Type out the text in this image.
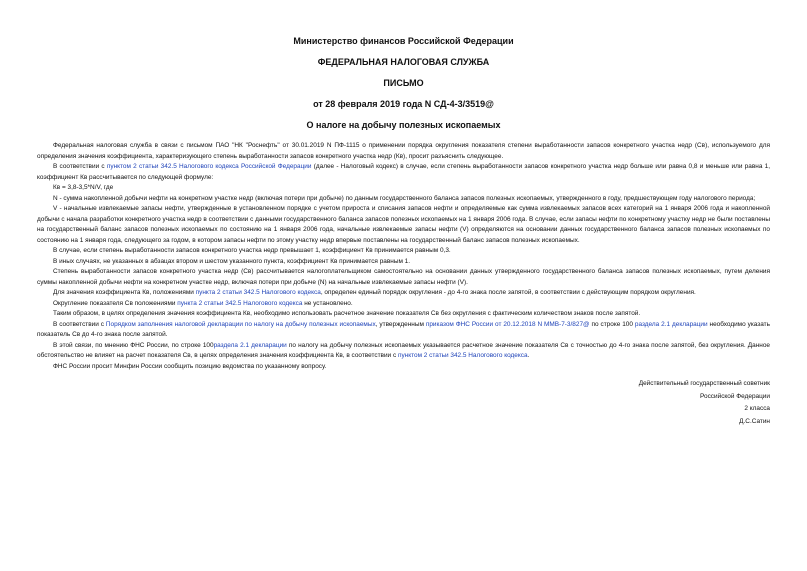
Министерство финансов Российской Федерации
ФЕДЕРАЛЬНАЯ НАЛОГОВАЯ СЛУЖБА
ПИСЬМО
от 28 февраля 2019 года N СД-4-3/3519@
О налоге на добычу полезных ископаемых

Федеральная налоговая служба в связи с письмом ПАО "НК "Роснефть" от 30.01.2019 N ПФ-1115 о применении порядка округления показателя степени выработанности запасов конкретного участка недр (Св), используемого для определения значения коэффициента, характеризующего степень выработанности запасов конкретного участка недр (Кв), просит разъяснить следующее.

В соответствии с пунктом 2 статьи 342.5 Налогового кодекса Российской Федерации (далее - Налоговый кодекс) в случае, если степень выработанности запасов конкретного участка недр больше или равна 0,8 и меньше или равна 1, коэффициент Кв рассчитывается по следующей формуле:

Кв = 3,8-3,5*N/V, где

N - сумма накопленной добычи нефти на конкретном участке недр (включая потери при добыче) по данным государственного баланса запасов полезных ископаемых, утвержденного в году, предшествующем году налогового периода;

V - начальные извлекаемые запасы нефти, утвержденные в установленном порядке с учетом прироста и списания запасов нефти и определяемые как сумма извлекаемых запасов всех категорий на 1 января 2006 года и накопленной добычи с начала разработки конкретного участка недр в соответствии с данными государственного баланса запасов полезных ископаемых на 1 января 2006 года. В случае, если запасы нефти по конкретному участку недр не были поставлены на государственный баланс запасов полезных ископаемых по состоянию на 1 января 2006 года, начальные извлекаемые запасы нефти (V) определяются на основании данных государственного баланса запасов полезных ископаемых по состоянию на 1 января года, следующего за годом, в котором запасы нефти по этому участку недр впервые поставлены на государственный баланс запасов полезных ископаемых.

В случае, если степень выработанности запасов конкретного участка недр превышает 1, коэффициент Кв принимается равным 0,3.

В иных случаях, не указанных в абзацах втором и шестом указанного пункта, коэффициент Кв принимается равным 1.

Степень выработанности запасов конкретного участка недр (Св) рассчитывается налогоплательщиком самостоятельно на основании данных утвержденного государственного баланса запасов полезных ископаемых, путем деления суммы накопленной добычи нефти на конкретном участке недр, включая потери при добыче (N) на начальные извлекаемые запасы нефти (V).

Для значения коэффициента Кв, положениями пункта 2 статьи 342.5 Налогового кодекса, определен единый порядок округления - до 4-го знака после запятой, в соответствии с действующим порядком округления.

Округление показателя Св положениями пункта 2 статьи 342.5 Налогового кодекса не установлено.

Таким образом, в целях определения значения коэффициента Кв, необходимо использовать расчетное значение показателя Св без округления с фактическим количеством знаков после запятой.

В соответствии с Порядком заполнения налоговой декларации по налогу на добычу полезных ископаемых, утвержденным приказом ФНС России от 20.12.2018 N ММВ-7-3/827@ по строке 100 раздела 2.1 декларации необходимо указать показатель Св до 4-го знака после запятой.

В этой связи, по мнению ФНС России, по строке 100раздела 2.1 декларации по налогу на добычу полезных ископаемых указывается расчетное значение показателя Св с точностью до 4-го знака после запятой, без округления. Данное обстоятельство не влияет на расчет показателя Св, в целях определения значения коэффициента Кв, в соответствии с пунктом 2 статьи 342.5 Налогового кодекса.

ФНС России просит Минфин России сообщить позицию ведомства по указанному вопросу.

Действительный государственный советник
Российской Федерации
2 класса
Д.С.Сатин
